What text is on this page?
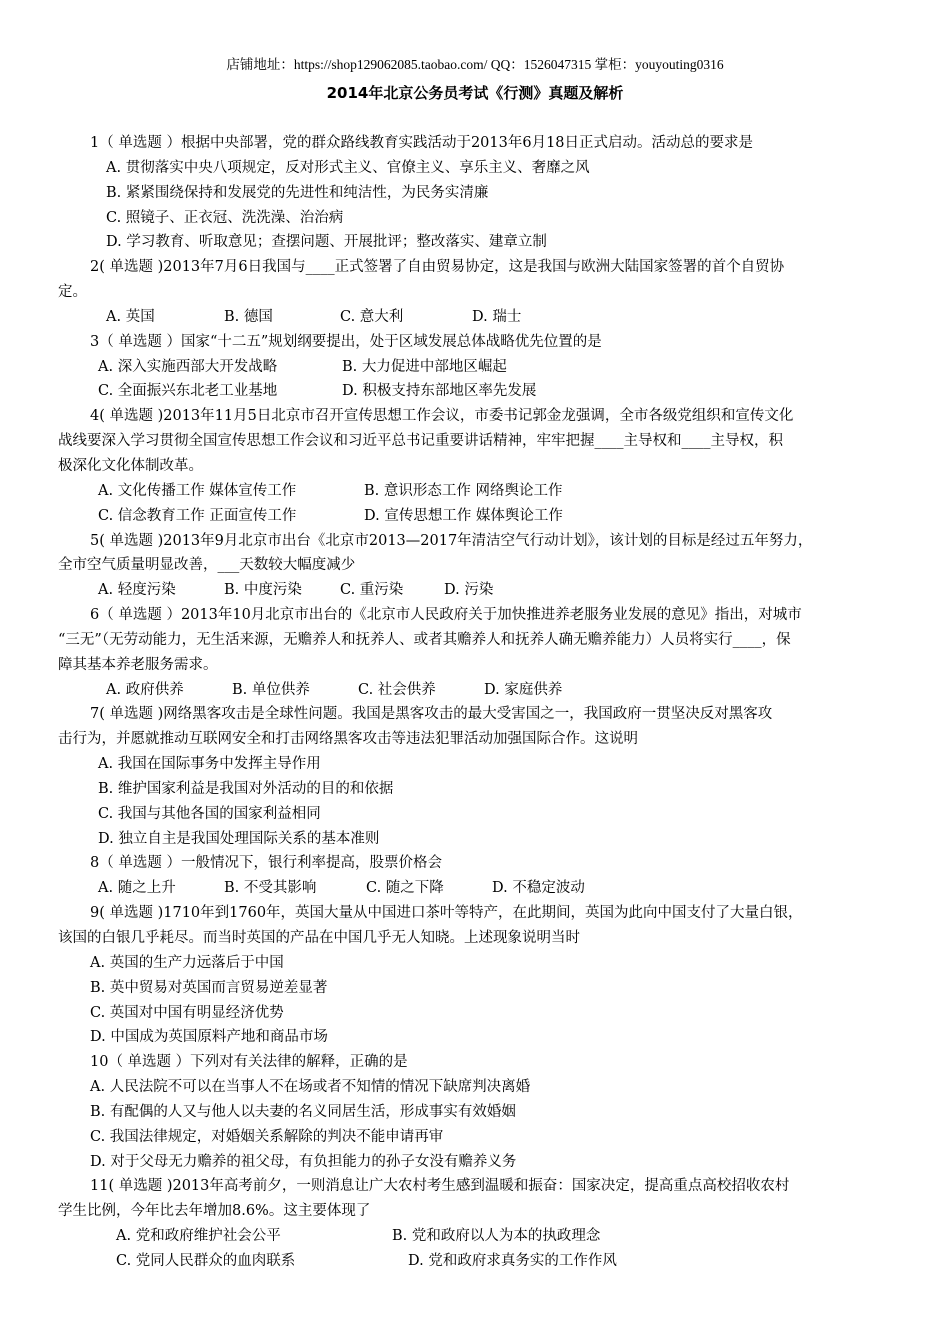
店铺地址：https://shop129062085.taobao.com/ QQ：1526047315 掌柜：youyouting0316
2014年北京公务员考试《行测》真题及解析
1（ 单选题 ）根据中央部署，党的群众路线教育实践活动于2013年6月18日正式启动。活动总的要求是
A. 贯彻落实中央八项规定，反对形式主义、官僚主义、享乐主义、奢靡之风
B. 紧紧围绕保持和发展党的先进性和纯洁性，为民务实清廉
C. 照镜子、正衣冠、洗洗澡、治治病
D. 学习教育、听取意见；查摆问题、开展批评；整改落实、建章立制
2( 单选题 )2013年7月6日我国与____正式签署了自由贸易协定，这是我国与欧洲大陆国家签署的首个自贸协
定。
A. 英国	B. 德国	C. 意大利	D. 瑞士
3（ 单选题 ）国家“十二五”规划纲要提出，处于区域发展总体战略优先位置的是
A. 深入实施西部大开发战略	B. 大力促进中部地区崛起
C. 全面振兴东北老工业基地	D. 积极支持东部地区率先发展
4( 单选题 )2013年11月5日北京市召开宣传思想工作会议，市委书记郭金龙强调，全市各级党组织和宣传文化
战线要深入学习贯彻全国宣传思想工作会议和习近平总书记重要讲话精神，牢牢把握____主导权和____主导权，积
极深化文化体制改革。
A. 文化传播工作 媒体宣传工作	B. 意识形态工作 网络舆论工作
C. 信念教育工作 正面宣传工作	D. 宣传思想工作 媒体舆论工作
5( 单选题 )2013年9月北京市出台《北京市2013—2017年清洁空气行动计划》，该计划的目标是经过五年努力，
全市空气质量明显改善，___天数较大幅度减少
A. 轻度污染	B. 中度污染	C. 重污染	D. 污染
6（ 单选题 ）2013年10月北京市出台的《北京市人民政府关于加快推进养老服务业发展的意见》指出，对城市
“三无”（无劳动能力，无生活来源，无赡养人和抚养人、或者其赡养人和抚养人确无赡养能力）人员将实行____，保
障其基本养老服务需求。
A. 政府供养	B. 单位供养	C. 社会供养	D. 家庭供养
7( 单选题 )网络黑客攻击是全球性问题。我国是黑客攻击的最大受害国之一，我国政府一贯坚决反对黑客攻
击行为，并愿就推动互联网安全和打击网络黑客攻击等违法犯罪活动加强国际合作。这说明
A. 我国在国际事务中发挥主导作用
B. 维护国家利益是我国对外活动的目的和依据
C. 我国与其他各国的国家利益相同
D. 独立自主是我国处理国际关系的基本准则
8（ 单选题 ）一般情况下，银行利率提高，股票价格会
A. 随之上升	B. 不受其影响	C. 随之下降	D. 不稳定波动
9( 单选题 )1710年到1760年，英国大量从中国进口茶叶等特产，在此期间，英国为此向中国支付了大量白银，
该国的白银几乎耗尽。而当时英国的产品在中国几乎无人知晓。上述现象说明当时
A. 英国的生产力远落后于中国
B. 英中贸易对英国而言贸易逆差显著
C. 英国对中国有明显经济优势
D. 中国成为英国原料产地和商品市场
10（ 单选题 ）下列对有关法律的解释，正确的是
A. 人民法院不可以在当事人不在场或者不知情的情况下缺席判决离婚
B. 有配偶的人又与他人以夫妻的名义同居生活，形成事实有效婚姻
C. 我国法律规定，对婚姻关系解除的判决不能申请再审
D. 对于父母无力赡养的祖父母，有负担能力的孙子女没有赡养义务
11( 单选题 )2013年高考前夕，一则消息让广大农村考生感到温暖和振奋：国家决定，提高重点高校招收农村
学生比例，今年比去年增加8.6%。这主要体现了
A. 党和政府维护社会公平	B. 党和政府以人为本的执政理念
C. 党同人民群众的血肉联系	D. 党和政府求真务实的工作作风
